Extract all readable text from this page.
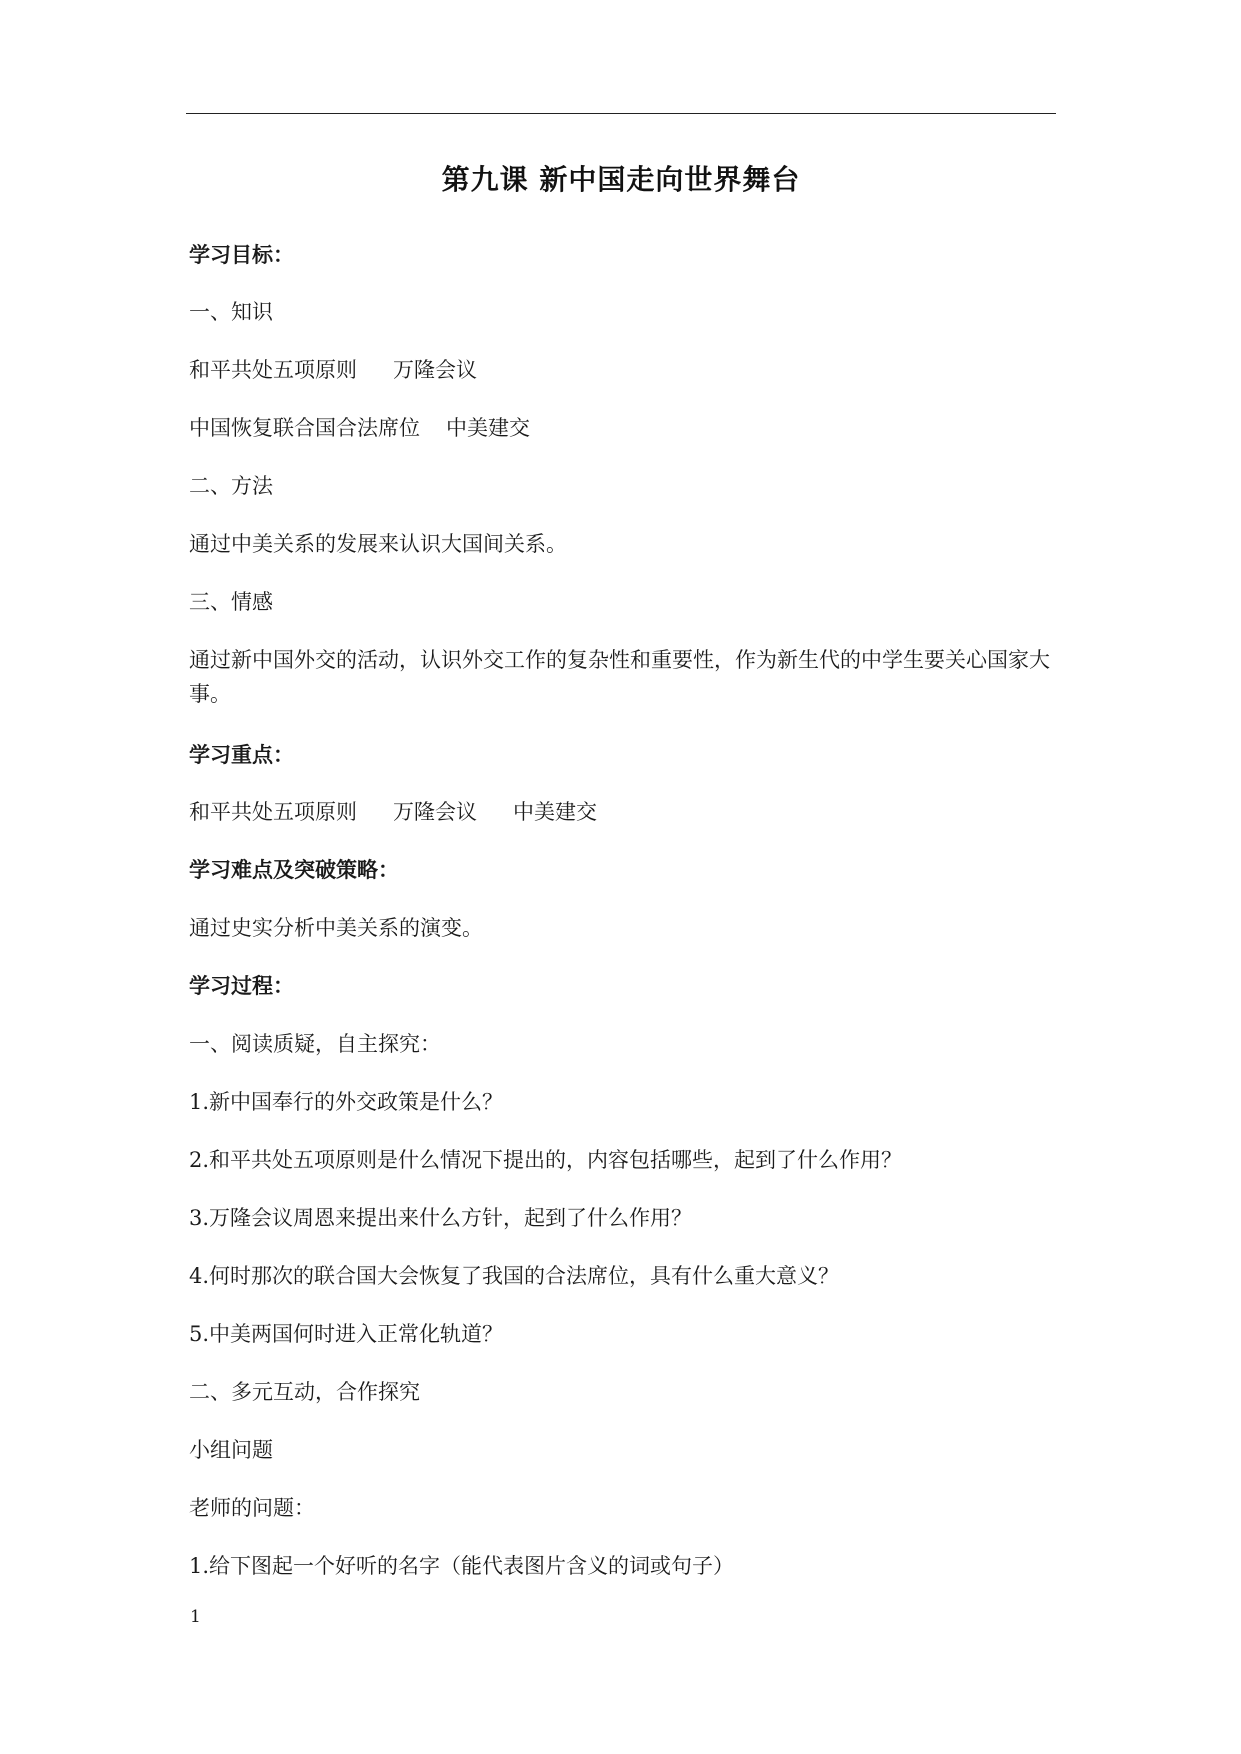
第九课 新中国走向世界舞台
学习目标：
一、知识
和平共处五项原则 万隆会议
中国恢复联合国合法席位 中美建交
二、方法
通过中美关系的发展来认识大国间关系。
三、情感
通过新中国外交的活动，认识外交工作的复杂性和重要性，作为新生代的中学生要关心国家大事。
学习重点：
和平共处五项原则 万隆会议 中美建交
学习难点及突破策略：
通过史实分析中美关系的演变。
学习过程：
一、阅读质疑，自主探究：
1.新中国奉行的外交政策是什么？
2.和平共处五项原则是什么情况下提出的，内容包括哪些，起到了什么作用？
3.万隆会议周恩来提出来什么方针，起到了什么作用？
4.何时那次的联合国大会恢复了我国的合法席位，具有什么重大意义？
5.中美两国何时进入正常化轨道？
二、多元互动，合作探究
小组问题
老师的问题：
1.给下图起一个好听的名字（能代表图片含义的词或句子）
1
